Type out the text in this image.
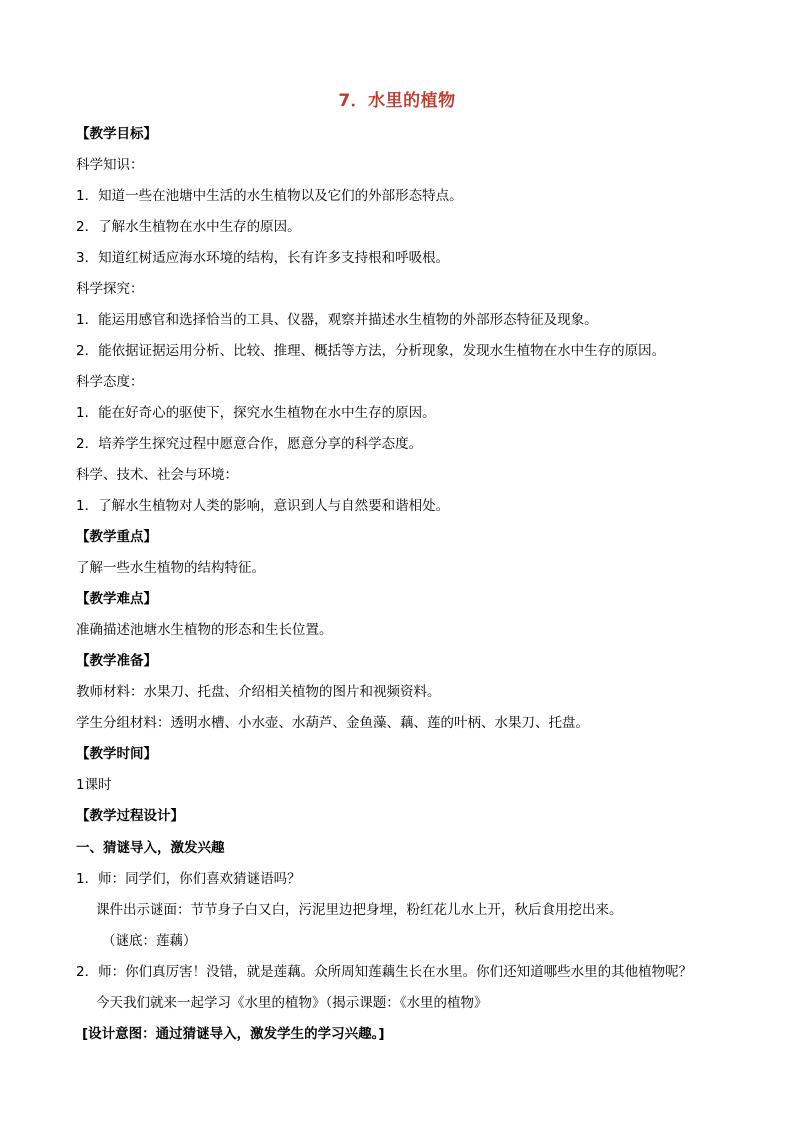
7．水里的植物
【教学目标】
科学知识：
1．知道一些在池塘中生活的水生植物以及它们的外部形态特点。
2．了解水生植物在水中生存的原因。
3．知道红树适应海水环境的结构，长有许多支持根和呼吸根。
科学探究：
1．能运用感官和选择恰当的工具、仪器，观察并描述水生植物的外部形态特征及现象。
2．能依据证据运用分析、比较、推理、概括等方法，分析现象，发现水生植物在水中生存的原因。
科学态度：
1．能在好奇心的驱使下，探究水生植物在水中生存的原因。
2．培养学生探究过程中愿意合作，愿意分享的科学态度。
科学、技术、社会与环境：
1．了解水生植物对人类的影响，意识到人与自然要和谐相处。
【教学重点】
了解一些水生植物的结构特征。
【教学难点】
准确描述池塘水生植物的形态和生长位置。
【教学准备】
教师材料：水果刀、托盘、介绍相关植物的图片和视频资料。
学生分组材料：透明水槽、小水壶、水葫芦、金鱼藻、藕、莲的叶柄、水果刀、托盘。
【教学时间】
1课时
【教学过程设计】
一、猜谜导入，激发兴趣
1．师：同学们，你们喜欢猜谜语吗？
课件出示谜面：节节身子白又白，污泥里边把身埋，粉红花儿水上开，秋后食用挖出来。
（谜底：莲藕）
2．师：你们真厉害！没错，就是莲藕。众所周知莲藕生长在水里。你们还知道哪些水里的其他植物呢？
今天我们就来一起学习《水里的植物》（揭示课题：《水里的植物》
[设计意图：通过猜谜导入，激发学生的学习兴趣。]
